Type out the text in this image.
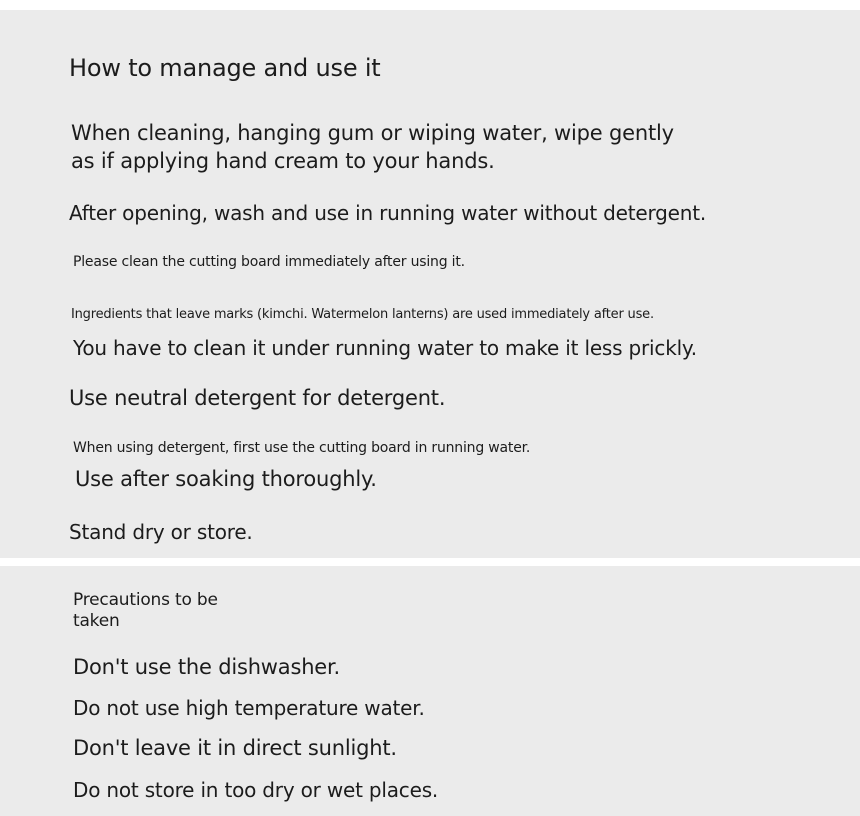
How to manage and use it
When cleaning, hanging gum or wiping water, wipe gently
as if applying hand cream to your hands.
After opening, wash and use in running water without detergent.
Please clean the cutting board immediately after using it.
Ingredients that leave marks (kimchi. Watermelon lanterns) are used immediately after use.
You have to clean it under running water to make it less prickly.
Use neutral detergent for detergent.
When using detergent, first use the cutting board in running water.
Use after soaking thoroughly.
Stand dry or store.
Precautions to be taken
Don't use the dishwasher.
Do not use high temperature water.
Don't leave it in direct sunlight.
Do not store in too dry or wet places.
